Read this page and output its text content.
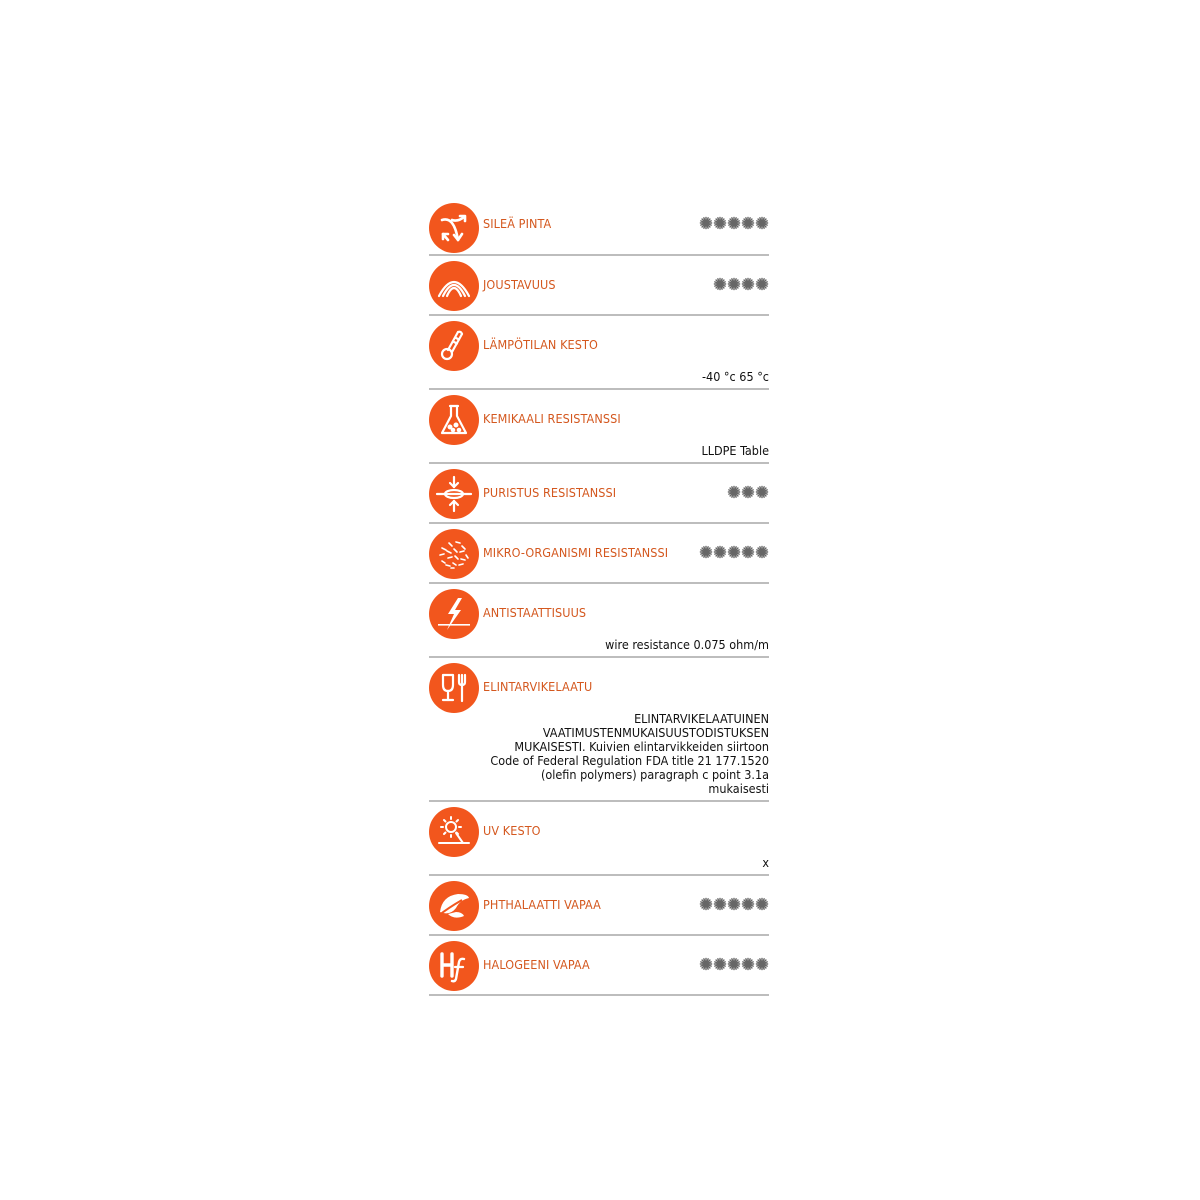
SILEÄ PINTA
JOUSTAVUUS
LÄMPÖTILAN KESTO
-40 °c 65 °c
KEMIKAALI RESISTANSSI
LLDPE Table
PURISTUS RESISTANSSI
MIKRO-ORGANISMI RESISTANSSI
ANTISTAATTISUUS
wire resistance 0.075 ohm/m
ELINTARVIKELAATU
ELINTARVIKELAATUINEN
VAATIMUSTENMUKAISUUSTODISTUKSEN
MUKAISESTI. Kuivien elintarvikkeiden siirtoon
Code of Federal Regulation FDA title 21 177.1520
(olefin polymers) paragraph c point 3.1a
mukaisesti
UV KESTO
x
PHTHALAATTI VAPAA
HALOGEENI VAPAA
